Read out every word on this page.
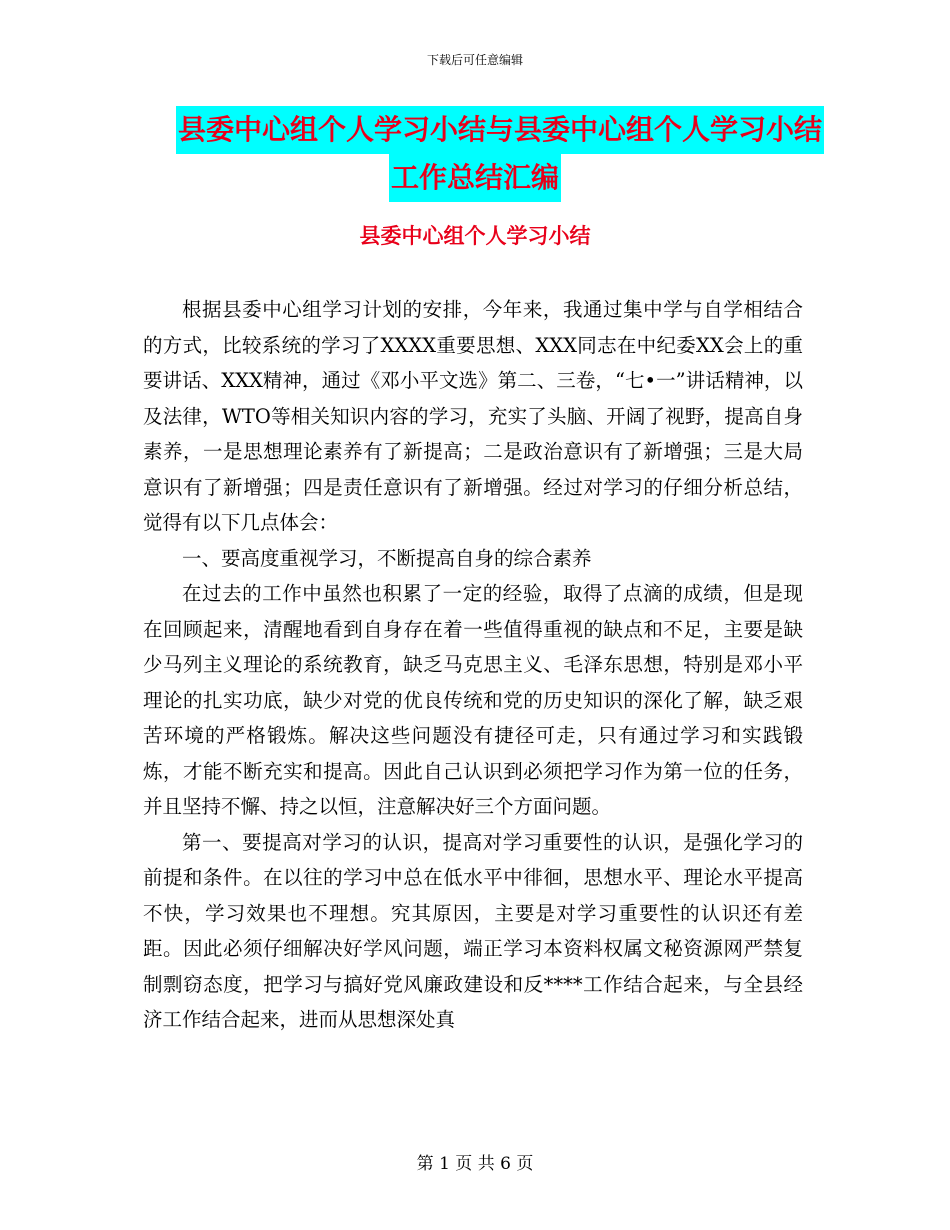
下载后可任意编辑
县委中心组个人学习小结与县委中心组个人学习小结
工作总结汇编
县委中心组个人学习小结

根据县委中心组学习计划的安排，今年来，我通过集中学与自学相结合的方式，比较系统的学习了XXXX重要思想、XXX同志在中纪委XX会上的重要讲话、XXX精神，通过《邓小平文选》第二、三卷，“七•一”讲话精神，以及法律，WTO等相关知识内容的学习，充实了头脑、开阔了视野，提高自身素养，一是思想理论素养有了新提高；二是政治意识有了新增强；三是大局意识有了新增强；四是责任意识有了新增强。经过对学习的仔细分析总结，觉得有以下几点体会：

一、要高度重视学习，不断提高自身的综合素养

在过去的工作中虽然也积累了一定的经验，取得了点滴的成绩，但是现在回顾起来，清醒地看到自身存在着一些值得重视的缺点和不足，主要是缺少马列主义理论的系统教育，缺乏马克思主义、毛泽东思想，特别是邓小平理论的扎实功底，缺少对党的优良传统和党的历史知识的深化了解，缺乏艰苦环境的严格锻炼。解决这些问题没有捷径可走，只有通过学习和实践锻炼，才能不断充实和提高。因此自己认识到必须把学习作为第一位的任务，并且坚持不懈、持之以恒，注意解决好三个方面问题。

第一、要提高对学习的认识，提高对学习重要性的认识，是强化学习的前提和条件。在以往的学习中总在低水平中徘徊，思想水平、理论水平提高不快，学习效果也不理想。究其原因，主要是对学习重要性的认识还有差距。因此必须仔细解决好学风问题，端正学习本资料权属文秘资源网严禁复制剽窃态度，把学习与搞好党风廉政建设和反****工作结合起来，与全县经济工作结合起来，进而从思想深处真

第 1 页 共 6 页
